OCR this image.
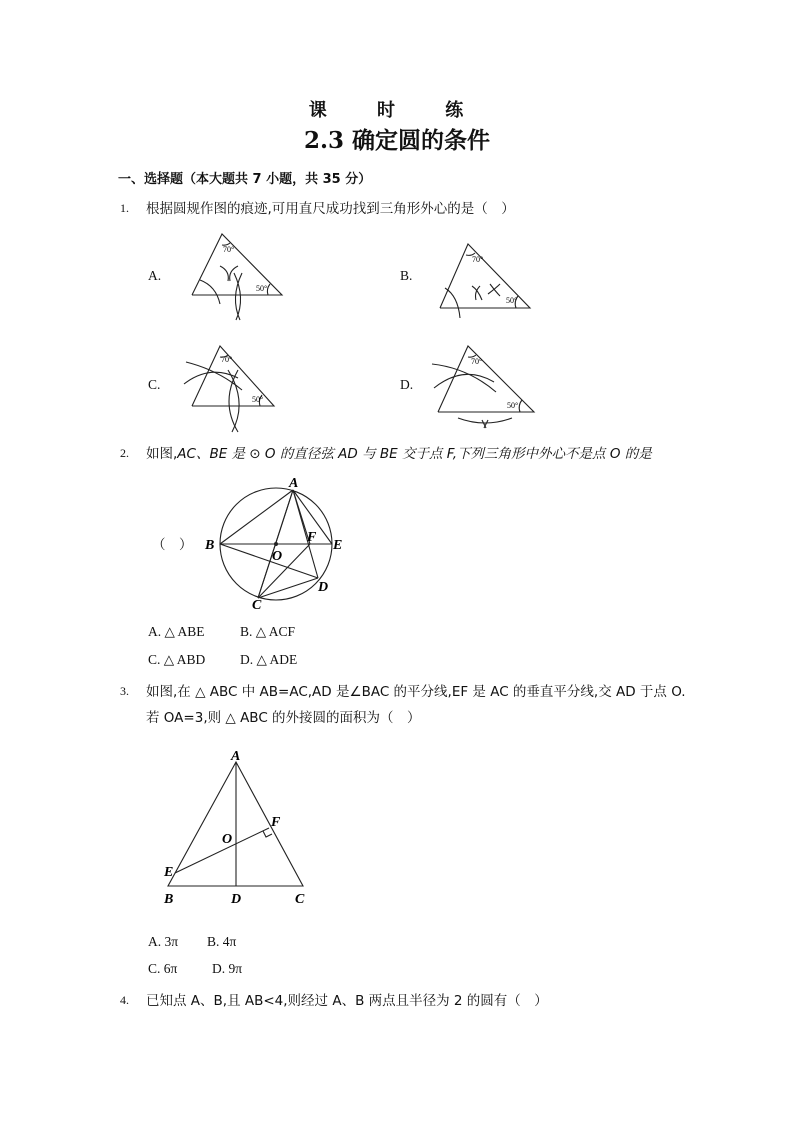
课 时 练
2.3 确定圆的条件
一、选择题（本大题共 7 小题，共 35 分）
1. 根据圆规作图的痕迹,可用直尺成功找到三角形外心的是（　）
A.	B.
C.	D.
70°
50°
70°
50°
70°
50°
70°
50°
2. 如图,AC、BE 是 ⊙ O 的直径弦 AD 与 BE 交于点 F,下列三角形中外心不是点 O 的是
（　）
A
B
C
D
E
F
O
A. △ ABE	B. △ ACF
C. △ ABD	D. △ ADE
3. 如图,在 △ ABC 中 AB=AC,AD 是∠BAC 的平分线,EF 是 AC 的垂直平分线,交 AD 于点 O.
若 OA=3,则 △ ABC 的外接圆的面积为（　）
A
B	D	C
E
F
O
A. 3π B. 4π
C. 6π	D. 9π
4. 已知点 A、B,且 AB<4,则经过 A、B 两点且半径为 2 的圆有（　）
